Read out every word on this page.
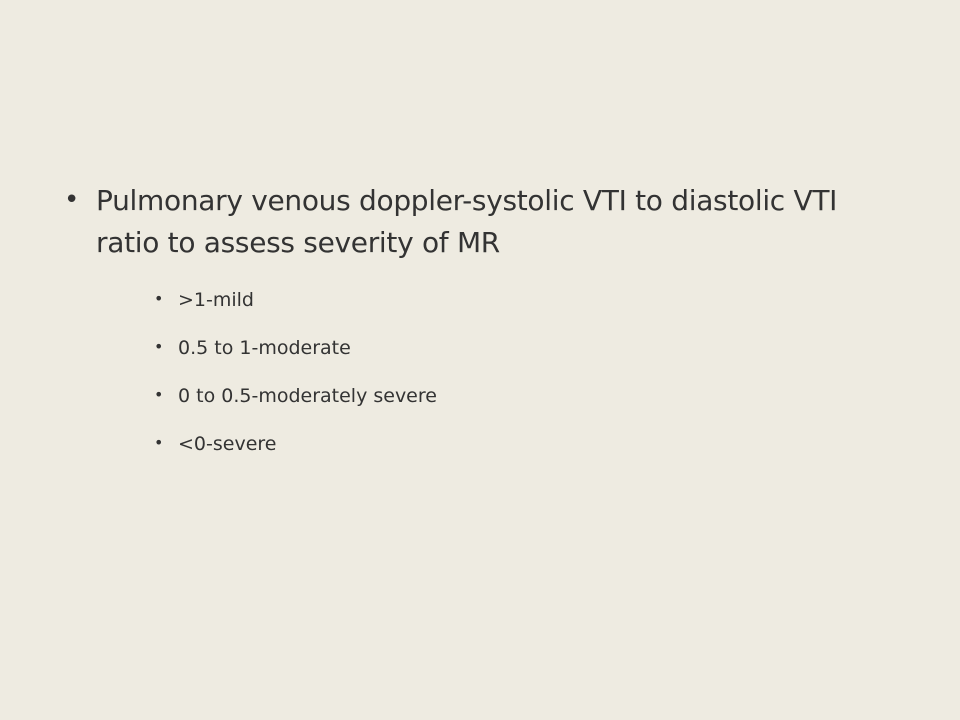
• Pulmonary venous doppler-systolic VTI to diastolic VTI ratio to assess severity of MR
• >1-mild
• 0.5 to 1-moderate
• 0 to 0.5-moderately severe
• <0-severe
